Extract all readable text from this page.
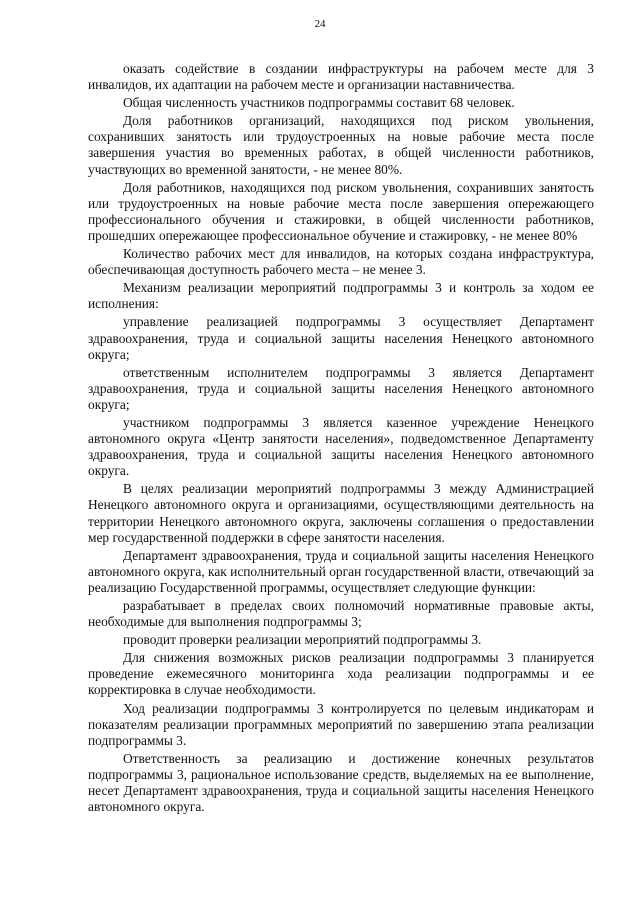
24

оказать содействие в создании инфраструктуры на рабочем месте для 3 инвалидов, их адаптации на рабочем месте и организации наставничества.

Общая численность участников подпрограммы составит 68 человек.

Доля работников организаций, находящихся под риском увольнения, сохранивших занятость или трудоустроенных на новые рабочие места после завершения участия во временных работах, в общей численности работников, участвующих во временной занятости, - не менее 80%.

Доля работников, находящихся под риском увольнения, сохранивших занятость или трудоустроенных на новые рабочие места после завершения опережающего профессионального обучения и стажировки, в общей численности работников, прошедших опережающее профессиональное обучение и стажировку, - не менее 80%

Количество рабочих мест для инвалидов, на которых создана инфраструктура, обеспечивающая доступность рабочего места – не менее 3.

Механизм реализации мероприятий подпрограммы 3 и контроль за ходом ее исполнения:

управление реализацией подпрограммы 3 осуществляет Департамент здравоохранения, труда и социальной защиты населения Ненецкого автономного округа;

ответственным исполнителем подпрограммы 3 является Департамент здравоохранения, труда и социальной защиты населения Ненецкого автономного округа;

участником подпрограммы 3 является казенное учреждение Ненецкого автономного округа «Центр занятости населения», подведомственное Департаменту здравоохранения, труда и социальной защиты населения Ненецкого автономного округа.

В целях реализации мероприятий подпрограммы 3 между Администрацией Ненецкого автономного округа и организациями, осуществляющими деятельность на территории Ненецкого автономного округа, заключены соглашения о предоставлении мер государственной поддержки в сфере занятости населения.

Департамент здравоохранения, труда и социальной защиты населения Ненецкого автономного округа, как исполнительный орган государственной власти, отвечающий за реализацию Государственной программы, осуществляет следующие функции:

разрабатывает в пределах своих полномочий нормативные правовые акты, необходимые для выполнения подпрограммы 3;

проводит проверки реализации мероприятий подпрограммы 3.

Для снижения возможных рисков реализации подпрограммы 3 планируется проведение ежемесячного мониторинга хода реализации подпрограммы и ее корректировка в случае необходимости.

Ход реализации подпрограммы 3 контролируется по целевым индикаторам и показателям реализации программных мероприятий по завершению этапа реализации подпрограммы 3.

Ответственность за реализацию и достижение конечных результатов подпрограммы 3, рациональное использование средств, выделяемых на ее выполнение, несет Департамент здравоохранения, труда и социальной защиты населения Ненецкого автономного округа.
